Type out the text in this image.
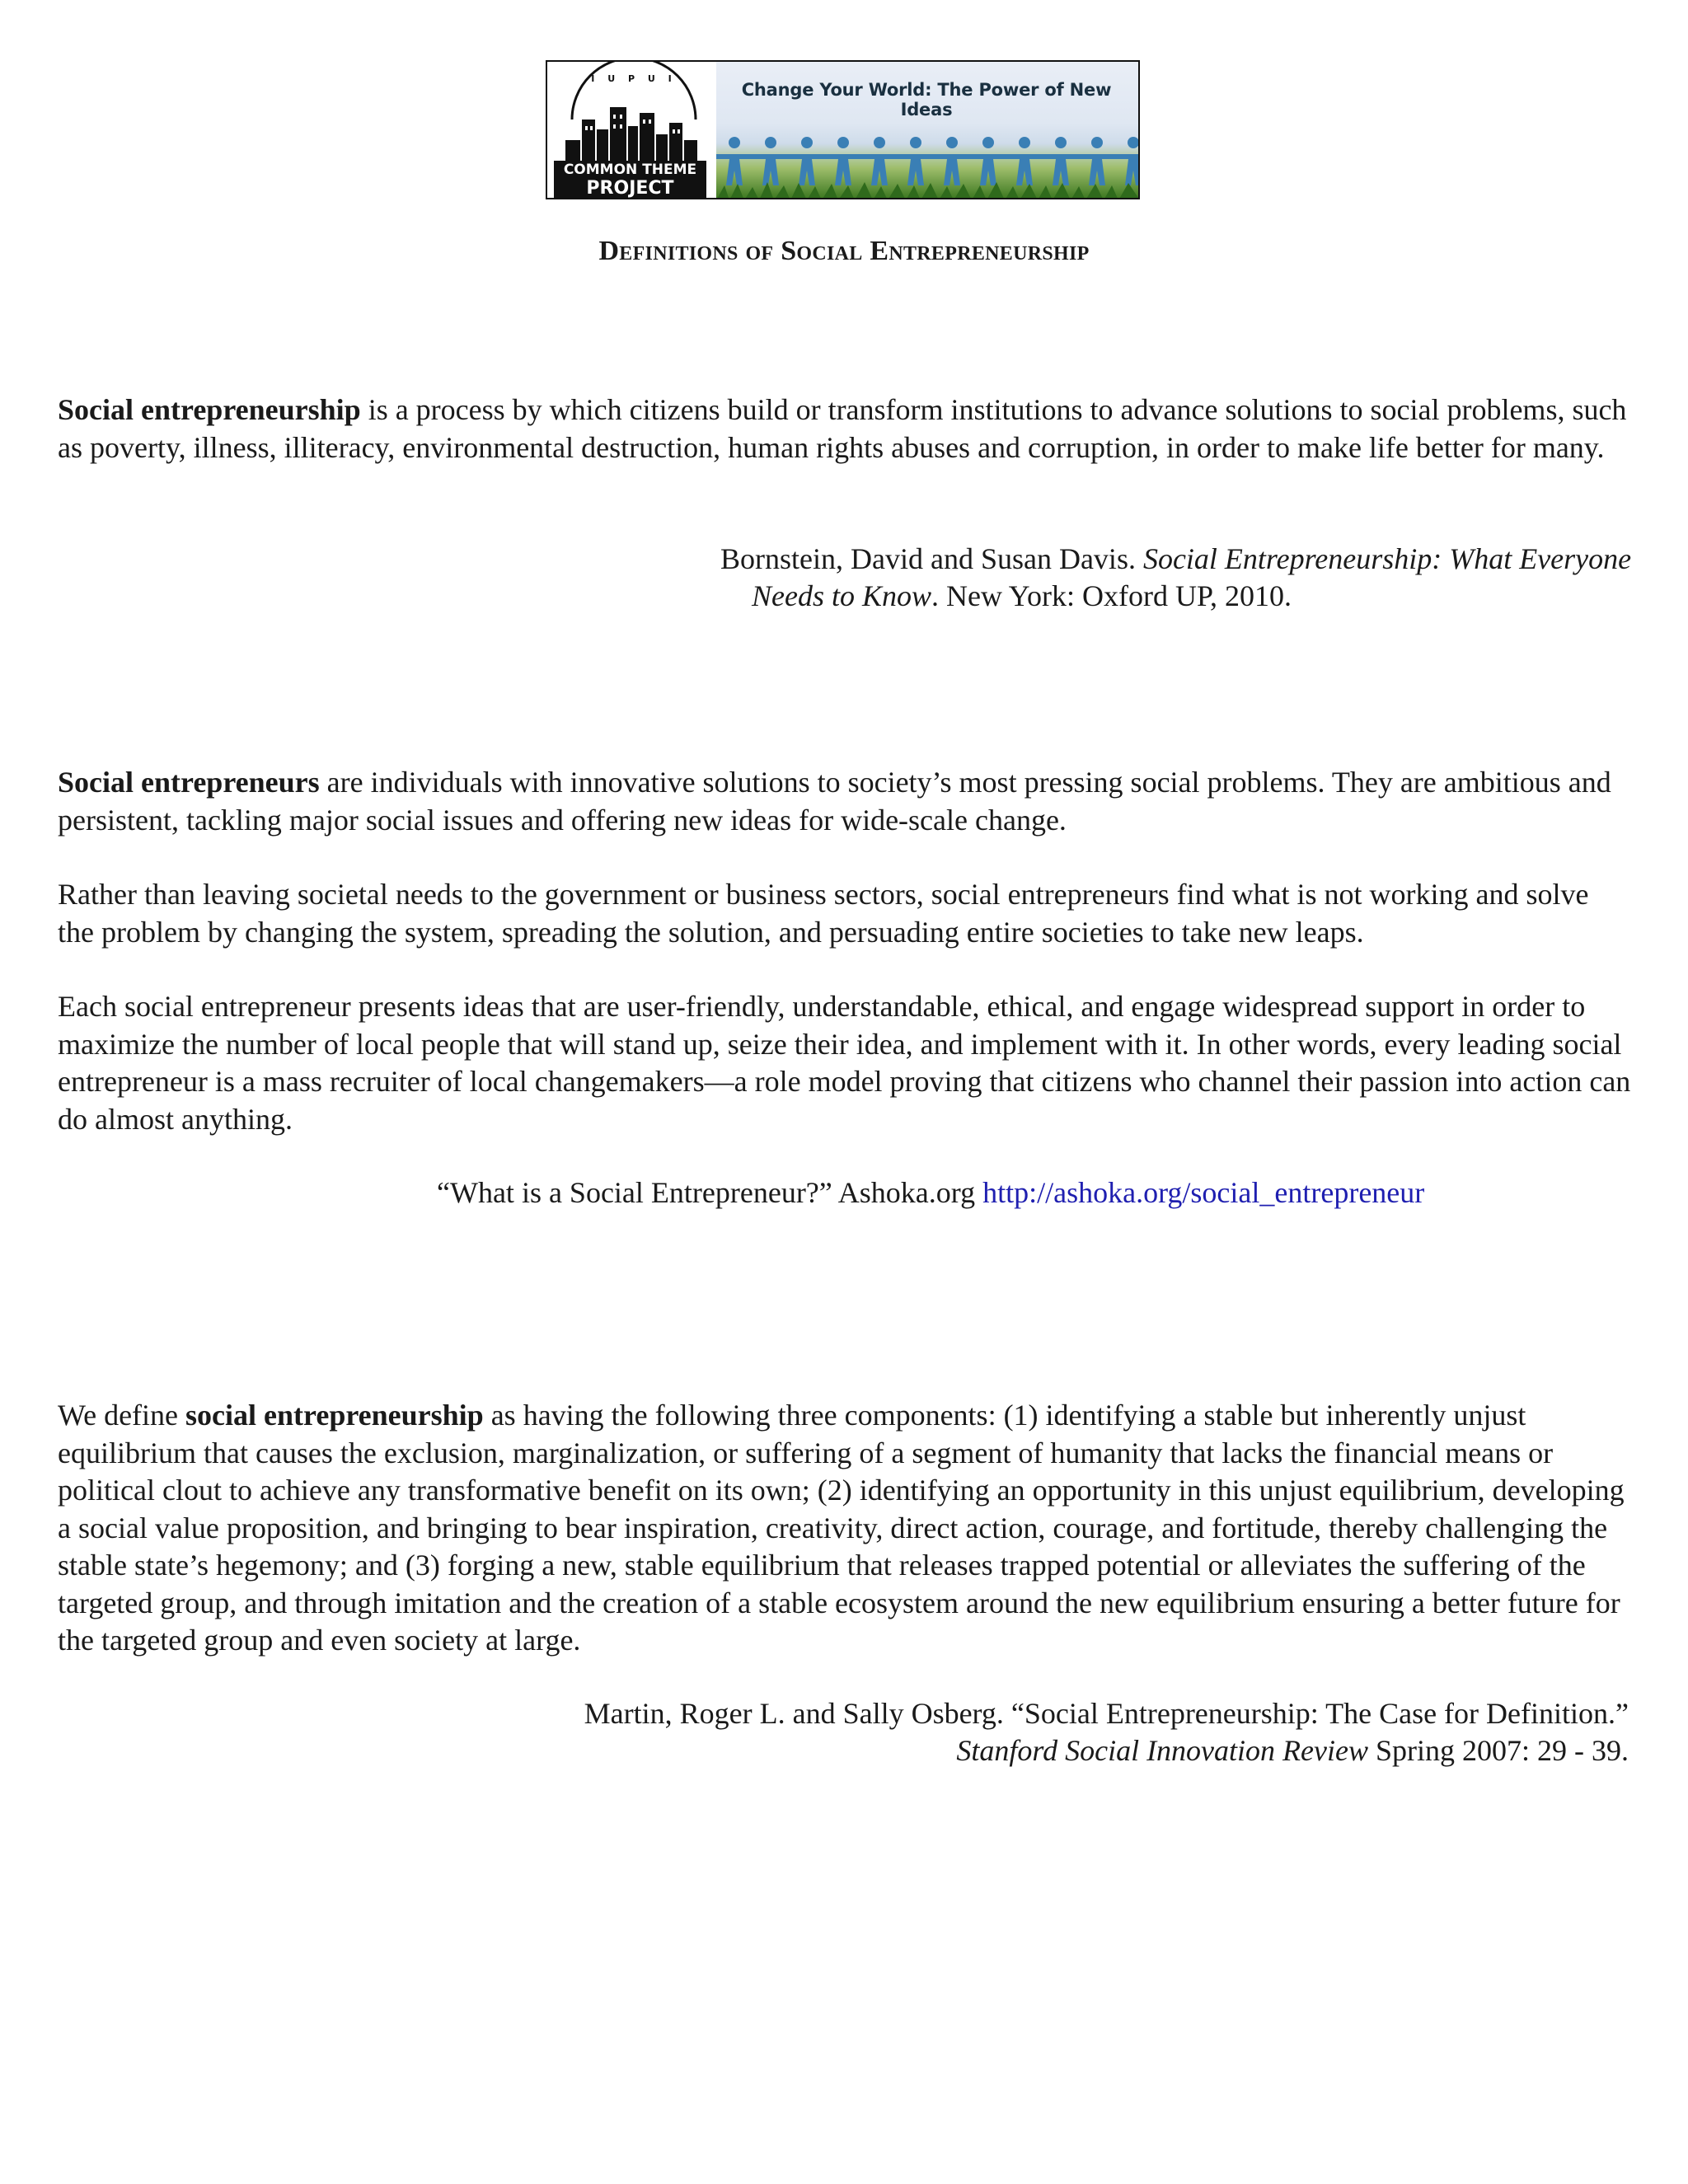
I U P U I
COMMON THEME
PROJECT
Change Your World: The Power of New Ideas
Definitions of Social Entrepreneurship

Social entrepreneurship is a process by which citizens build or transform institutions to advance solutions to social problems, such as poverty, illness, illiteracy, environmental destruction, human rights abuses and corruption, in order to make life better for many.

Bornstein, David and Susan Davis. Social Entrepreneurship: What Everyone
Needs to Know. New York: Oxford UP, 2010.

Social entrepreneurs are individuals with innovative solutions to society’s most pressing social problems. They are ambitious and persistent, tackling major social issues and offering new ideas for wide-scale change.

Rather than leaving societal needs to the government or business sectors, social entrepreneurs find what is not working and solve the problem by changing the system, spreading the solution, and persuading entire societies to take new leaps.

Each social entrepreneur presents ideas that are user-friendly, understandable, ethical, and engage widespread support in order to maximize the number of local people that will stand up, seize their idea, and implement with it. In other words, every leading social entrepreneur is a mass recruiter of local changemakers—a role model proving that citizens who channel their passion into action can do almost anything.

“What is a Social Entrepreneur?” Ashoka.org http://ashoka.org/social_entrepreneur

We define social entrepreneurship as having the following three components: (1) identifying a stable but inherently unjust equilibrium that causes the exclusion, marginalization, or suffering of a segment of humanity that lacks the financial means or political clout to achieve any transformative benefit on its own; (2) identifying an opportunity in this unjust equilibrium, developing a social value proposition, and bringing to bear inspiration, creativity, direct action, courage, and fortitude, thereby challenging the stable state’s hegemony; and (3) forging a new, stable equilibrium that releases trapped potential or alleviates the suffering of the targeted group, and through imitation and the creation of a stable ecosystem around the new equilibrium ensuring a better future for the targeted group and even society at large.

Martin, Roger L. and Sally Osberg. “Social Entrepreneurship: The Case for Definition.”
Stanford Social Innovation Review Spring 2007: 29 - 39.
